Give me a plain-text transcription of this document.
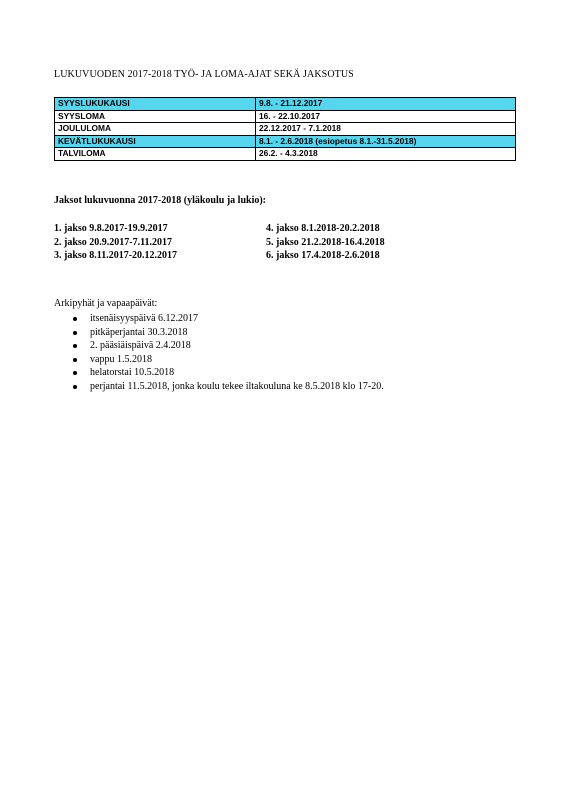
LUKUVUODEN 2017-2018 TYÖ- JA LOMA-AJAT SEKÄ JAKSOTUS
SYYSLUKUKAUSI	9.8. - 21.12.2017
SYYSLOMA	16. - 22.10.2017
JOULULOMA	22.12.2017 - 7.1.2018
KEVÄTLUKUKAUSI	8.1. - 2.6.2018 (esiopetus 8.1.-31.5.2018)
TALVILOMA	26.2. - 4.3.2018
Jaksot lukuvuonna 2017-2018 (yläkoulu ja lukio):
1. jakso 9.8.2017-19.9.2017
2. jakso 20.9.2017-7.11.2017
3. jakso 8.11.2017-20.12.2017
4. jakso 8.1.2018-20.2.2018
5. jakso 21.2.2018-16.4.2018
6. jakso 17.4.2018-2.6.2018
Arkipyhät ja vapaapäivät:
itsenäisyyspäivä 6.12.2017
pitkäperjantai 30.3.2018
2. pääsiäispäivä 2.4.2018
vappu 1.5.2018
helatorstai 10.5.2018
perjantai 11.5.2018, jonka koulu tekee iltakouluna ke 8.5.2018 klo 17-20.
